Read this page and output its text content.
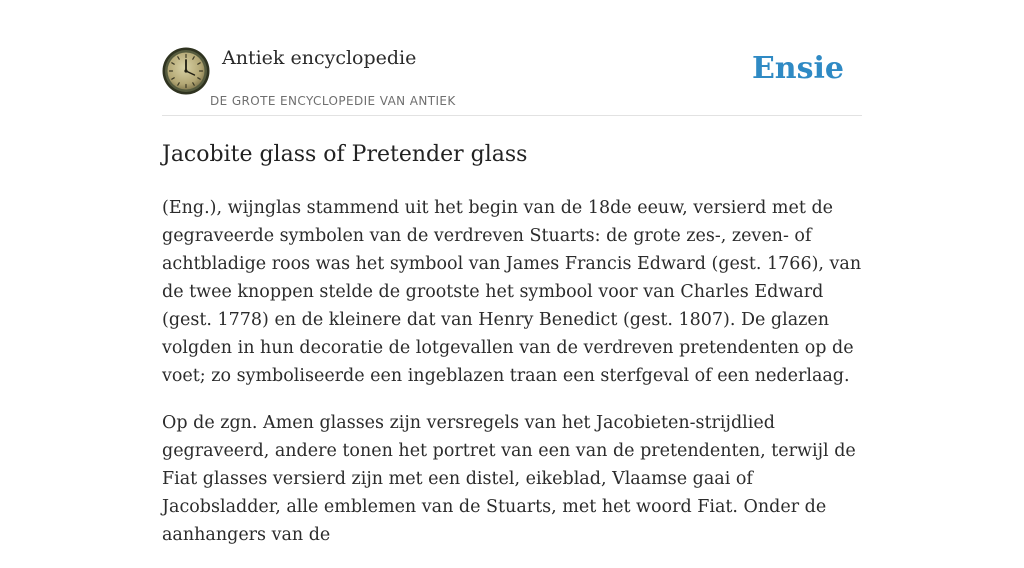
Antiek encyclopedie
DE GROTE ENCYCLOPEDIE VAN ANTIEK
Ensie
Jacobite glass of Pretender glass

(Eng.), wijnglas stammend uit het begin van de 18de eeuw, versierd met de gegraveerde symbolen van de verdreven Stuarts: de grote zes-, zeven- of achtbladige roos was het symbool van James Francis Edward (gest. 1766), van de twee knoppen stelde de grootste het symbool voor van Charles Edward (gest. 1778) en de kleinere dat van Henry Benedict (gest. 1807). De glazen volgden in hun decoratie de lotgevallen van de verdreven pretendenten op de voet; zo symboliseerde een ingeblazen traan een sterfgeval of een nederlaag.

Op de zgn. Amen glasses zijn versregels van het Jacobieten-strijdlied gegraveerd, andere tonen het portret van een van de pretendenten, terwijl de Fiat glasses versierd zijn met een distel, eikeblad, Vlaamse gaai of Jacobsladder, alle emblemen van de Stuarts, met het woord Fiat. Onder de aanhangers van de
